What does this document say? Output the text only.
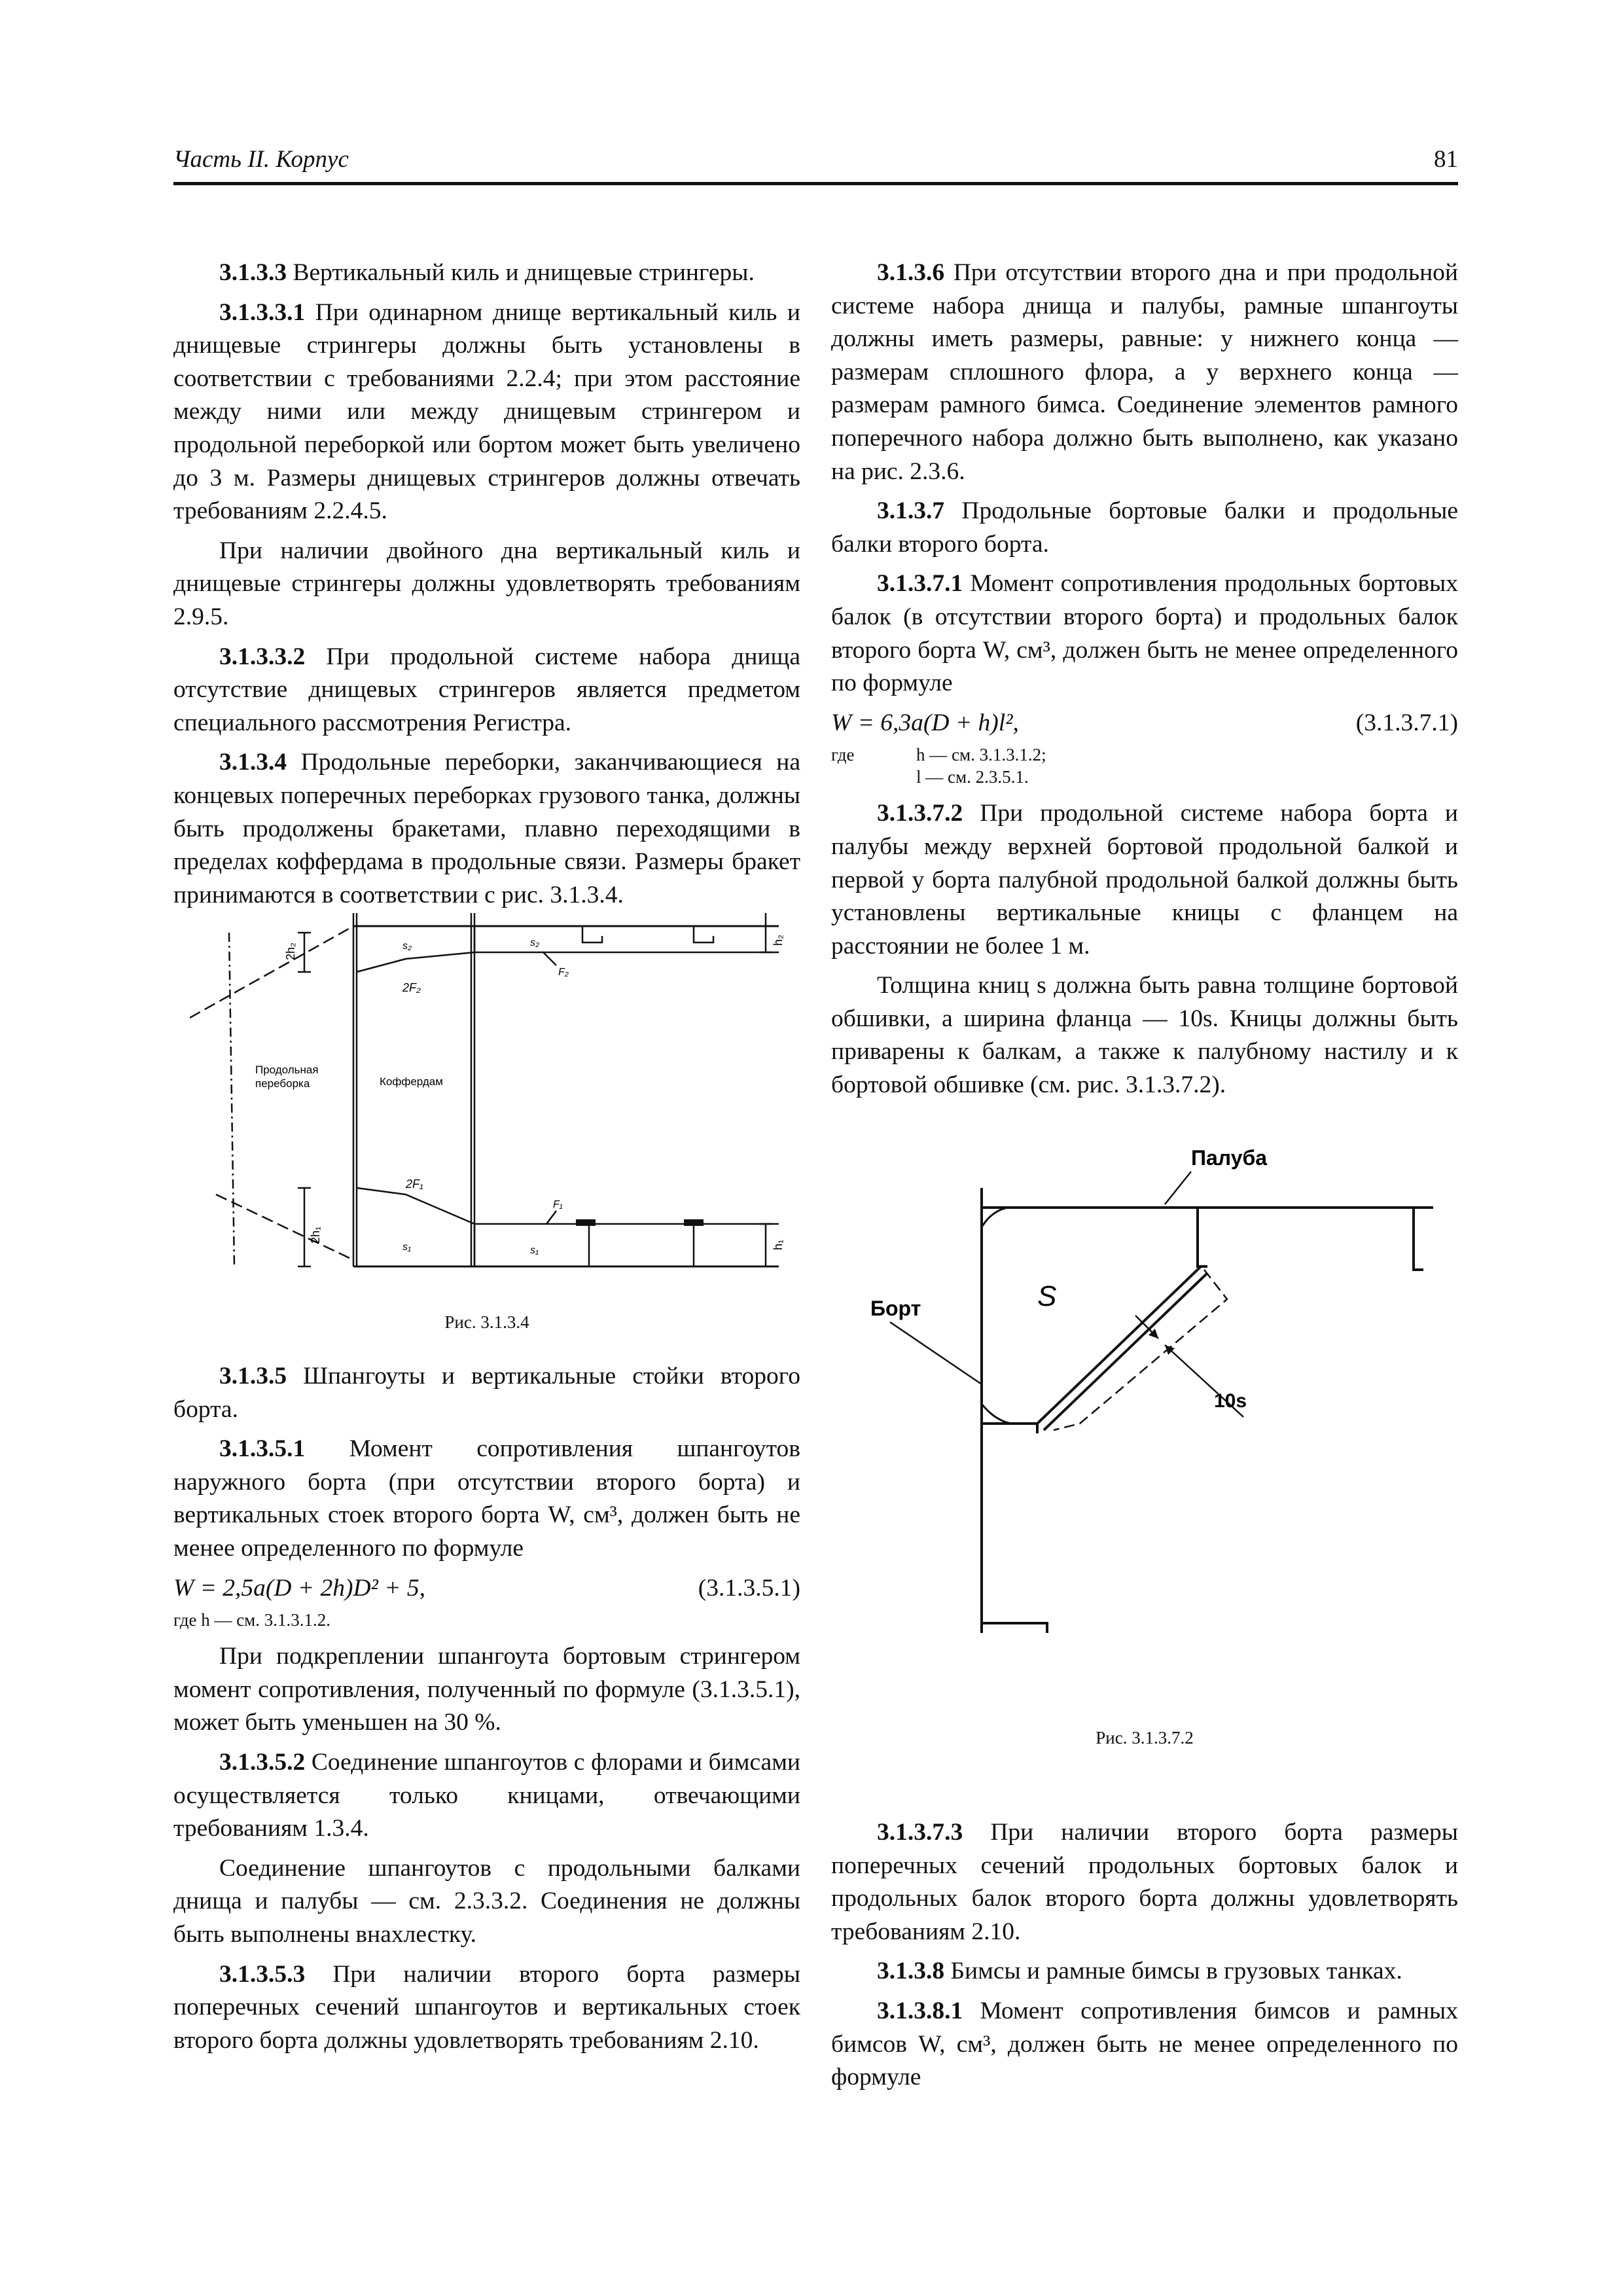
Часть II. Корпус	81

3.1.3.3 Вертикальный киль и днищевые стрингеры.

3.1.3.3.1 При одинарном днище вертикальный киль и днищевые стрингеры должны быть установлены в соответствии с требованиями 2.2.4; при этом расстояние между ними или между днищевым стрингером и продольной переборкой или бортом может быть увеличено до 3 м. Размеры днищевых стрингеров должны отвечать требованиям 2.2.4.5.

При наличии двойного дна вертикальный киль и днищевые стрингеры должны удовлетворять требованиям 2.9.5.

3.1.3.3.2 При продольной системе набора днища отсутствие днищевых стрингеров является предметом специального рассмотрения Регистра.

3.1.3.4 Продольные переборки, заканчивающиеся на концевых поперечных переборках грузового танка, должны быть продолжены бракетами, плавно переходящими в пределах коффердама в продольные связи. Размеры бракет принимаются в соответствии с рис. 3.1.3.4.

2h₂	s₂	s₂
2F₂
F₂
h₂
Продольная
переборка	Коффердам
2F₁
F₁
2h₁
s₁	s₁
h₁
Рис. 3.1.3.4

3.1.3.5 Шпангоуты и вертикальные стойки второго борта.

3.1.3.5.1 Момент сопротивления шпангоутов наружного борта (при отсутствии второго борта) и вертикальных стоек второго борта W, см³, должен быть не менее определенного по формуле

W = 2,5a(D + 2h)D² + 5,	(3.1.3.5.1)
где h — см. 3.1.3.1.2.

При подкреплении шпангоута бортовым стрингером момент сопротивления, полученный по формуле (3.1.3.5.1), может быть уменьшен на 30 %.

3.1.3.5.2 Соединение шпангоутов с флорами и бимсами осуществляется только кницами, отвечающими требованиям 1.3.4.

Соединение шпангоутов с продольными балками днища и палубы — см. 2.3.3.2. Соединения не должны быть выполнены внахлестку.

3.1.3.5.3 При наличии второго борта размеры поперечных сечений шпангоутов и вертикальных стоек второго борта должны удовлетворять требованиям 2.10.

3.1.3.6 При отсутствии второго дна и при продольной системе набора днища и палубы, рамные шпангоуты должны иметь размеры, равные: у нижнего конца — размерам сплошного флора, а у верхнего конца — размерам рамного бимса. Соединение элементов рамного поперечного набора должно быть выполнено, как указано на рис. 2.3.6.

3.1.3.7 Продольные бортовые балки и продольные балки второго борта.

3.1.3.7.1 Момент сопротивления продольных бортовых балок (в отсутствии второго борта) и продольных балок второго борта W, см³, должен быть не менее определенного по формуле

W = 6,3a(D + h)l²,	(3.1.3.7.1)
где	h — см. 3.1.3.1.2;
l — см. 2.3.5.1.

3.1.3.7.2 При продольной системе набора борта и палубы между верхней бортовой продольной балкой и первой у борта палубной продольной балкой должны быть установлены вертикальные кницы с фланцем на расстоянии не более 1 м.

Толщина книц s должна быть равна толщине бортовой обшивки, а ширина фланца — 10s. Кницы должны быть приварены к балкам, а также к палубному настилу и к бортовой обшивке (см. рис. 3.1.3.7.2).

Палуба
S
10s
Борт
Рис. 3.1.3.7.2

3.1.3.7.3 При наличии второго борта размеры поперечных сечений продольных бортовых балок и продольных балок второго борта должны удовлетворять требованиям 2.10.

3.1.3.8 Бимсы и рамные бимсы в грузовых танках.

3.1.3.8.1 Момент сопротивления бимсов и рамных бимсов W, см³, должен быть не менее определенного по формуле
